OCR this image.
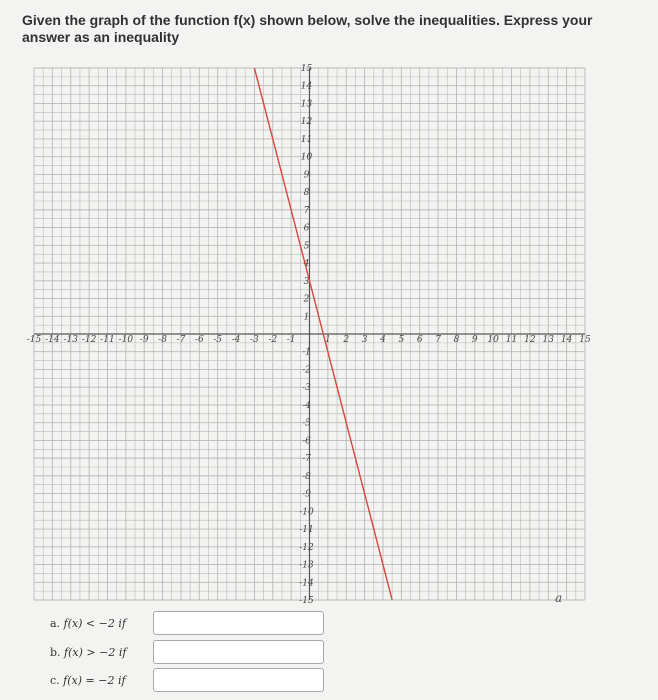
Given the graph of the function f(x) shown below, solve the inequalities. Express your answer as an inequality
-15 -14 -13 -12 -11 -10 -9 -8 -7 -6 -5 -4 -3 -2 -1	1 2 3 4 5 6 7 8 9 10 11 12 13 14 15
15
14
13
12
11
10
9
8
7
6
5
4
3
2
1
-1
-2
-3
-4
-5
-6
-7
-8
-9
-10
-11
-12
-13
-14
-15	a
a. f(x) < −2 if
b. f(x) > −2 if
c. f(x) = −2 if
